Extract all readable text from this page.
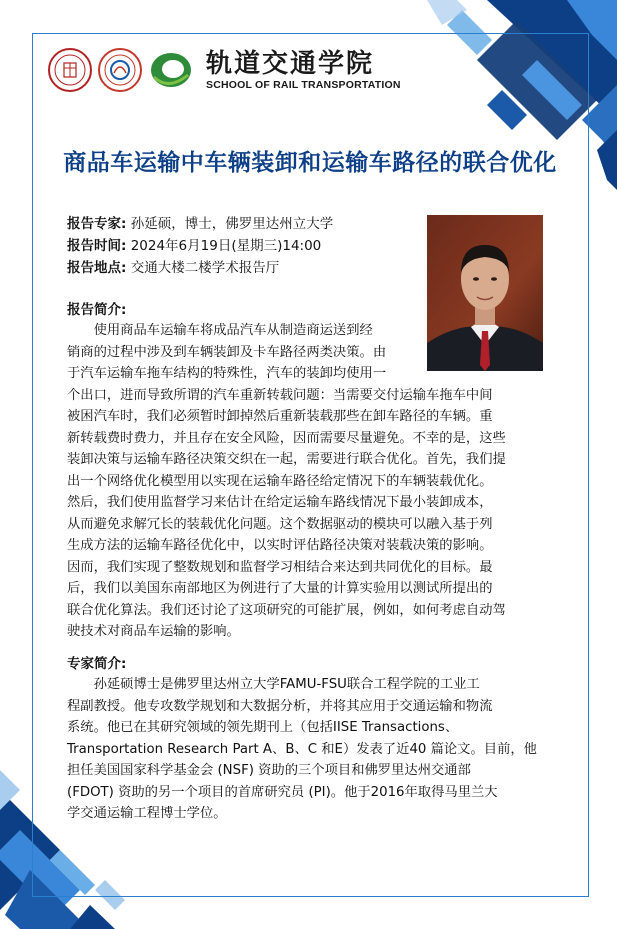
轨道交通学院
SCHOOL OF RAIL TRANSPORTATION
商品车运输中车辆装卸和运输车路径的联合优化
报告专家: 孙延硕，博士，佛罗里达州立大学
报告时间: 2024年6月19日(星期三)14:00
报告地点: 交通大楼二楼学术报告厅
报告简介:

　　使用商品车运输车将成品汽车从制造商运送到经
销商的过程中涉及到车辆装卸及卡车路径两类决策。由
于汽车运输车拖车结构的特殊性，汽车的装卸均使用一
个出口，进而导致所谓的汽车重新转载问题：当需要交付运输车拖车中间
被困汽车时，我们必须暂时卸掉然后重新装载那些在卸车路径的车辆。重
新转载费时费力，并且存在安全风险，因而需要尽量避免。不幸的是，这些
装卸决策与运输车路径决策交织在一起，需要进行联合优化。首先，我们提
出一个网络优化模型用以实现在运输车路径给定情况下的车辆装载优化。
然后，我们使用监督学习来估计在给定运输车路线情况下最小装卸成本，
从而避免求解冗长的装载优化问题。这个数据驱动的模块可以融入基于列
生成方法的运输车路径优化中，以实时评估路径决策对装载决策的影响。
因而，我们实现了整数规划和监督学习相结合来达到共同优化的目标。最
后，我们以美国东南部地区为例进行了大量的计算实验用以测试所提出的
联合优化算法。我们还讨论了这项研究的可能扩展，例如，如何考虑自动驾
驶技术对商品车运输的影响。

专家简介:

　　孙延硕博士是佛罗里达州立大学FAMU-FSU联合工程学院的工业工
程副教授。他专攻数学规划和大数据分析，并将其应用于交通运输和物流
系统。他已在其研究领域的领先期刊上（包括IISE Transactions、
Transportation Research Part A、B、C 和E）发表了近40 篇论文。目前，他
担任美国国家科学基金会 (NSF) 资助的三个项目和佛罗里达州交通部
(FDOT) 资助的另一个项目的首席研究员 (PI)。他于2016年取得马里兰大
学交通运输工程博士学位。
